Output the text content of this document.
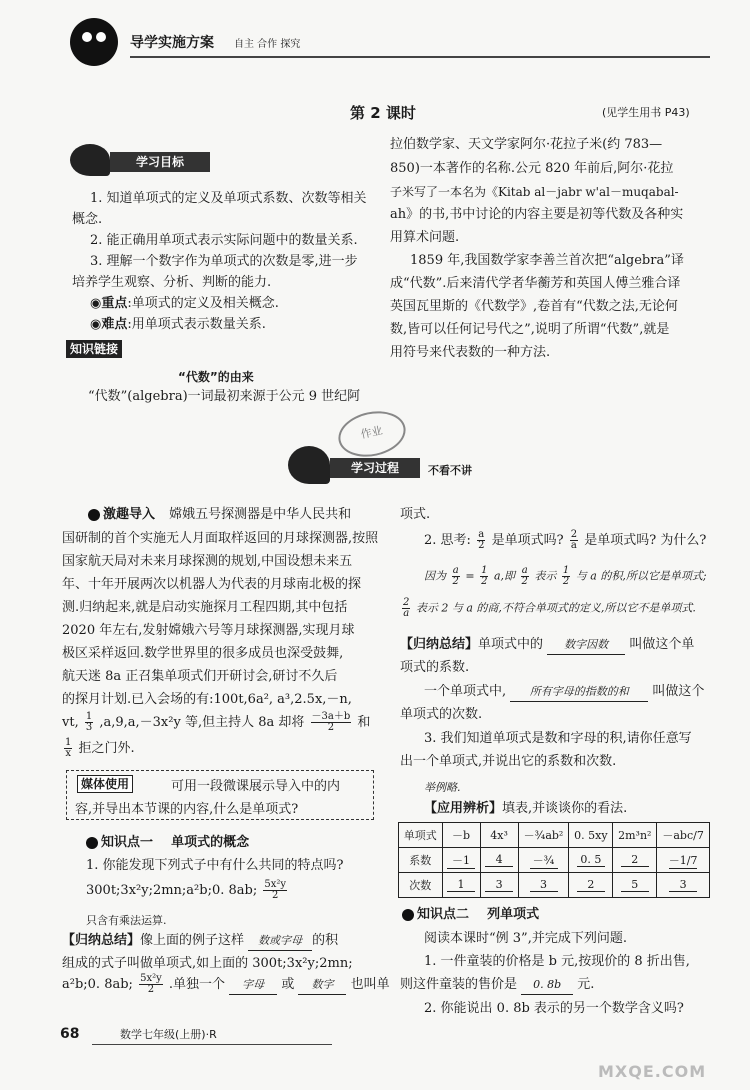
导学实施方案 自主 合作 探究
第 2 课时	(见学生用书 P43)
学习目标
1. 知道单项式的定义及单项式系数、次数等相关
概念.
2. 能正确用单项式表示实际问题中的数量关系.
3. 理解一个数字作为单项式的次数是零,进一步
培养学生观察、分析、判断的能力.
◉重点:单项式的定义及相关概念.
◉难点:用单项式表示数量关系.
知识链接
“代数”的由来
“代数”(algebra)一词最初来源于公元 9 世纪阿
拉伯数学家、天文学家阿尔·花拉子米(约 783—
850)一本著作的名称.公元 820 年前后,阿尔·花拉
子米写了一本名为《Kitab al－jabr w'al－muqabal-
ah》的书,书中讨论的内容主要是初等代数及各种实
用算术问题.
1859 年,我国数学家李善兰首次把“algebra”译
成“代数”.后来清代学者华蘅芳和英国人傅兰雅合译
英国瓦里斯的《代数学》,卷首有“代数之法,无论何
数,皆可以任何记号代之”,说明了所谓“代数”,就是
用符号来代表数的一种方法.
学习过程	不看不讲
作业
激趣导入 嫦娥五号探测器是中华人民共和
国研制的首个实施无人月面取样返回的月球探测器,按照
国家航天局对未来月球探测的规划,中国设想未来五
年、十年开展两次以机器人为代表的月球南北极的探
测.归纳起来,就是启动实施探月工程四期,其中包括
2020 年左右,发射嫦娥六号等月球探测器,实现月球
极区采样返回.数学世界里的很多成员也深受鼓舞,
航天迷 8a 正召集单项式们开研讨会,研讨不久后
的探月计划.已入会场的有:100t,6a², a³,2.5x,－n,
vt, $\frac{1}{3} ,a,9,a,-3x^2y$ 等,但主持人 8a 却将 $\frac{-3a+b}{2}$ 和
$\frac{1}{x}$ 拒之门外.
媒体使用	可用一段微课展示导入中的内
容,并导出本节课的内容,什么是单项式?
知识点一 单项式的概念
1. 你能发现下列式子中有什么共同的特点吗?
300t;3x²y;2mn;a²b;0. 8ab; $\frac{\text{5x²y}}{2}$
只含有乘法运算.
【归纳总结】像上面的例子这样 数或字母 的积
组成的式子叫做单项式,如上面的 300t;3x²y;2mn;
a²b;0. 8ab; $\frac{\text{5x²y}}{2}$ .单独一个 字母 或 数字 也叫单
项式.
2. 思考: $\frac{a}{2}$ 是单项式吗? $\frac{2}{a}$ 是单项式吗? 为什么?
因为 $\frac{a}{2} = \frac{1}{2} a$,即 $\frac{a}{2}$ 表示 $\frac{1}{2}$ 与 a 的积,所以它是单项式;
$\frac{2}{a}$ 表示 2 与 a 的商,不符合单项式的定义,所以它不是单项式.
【归纳总结】单项式中的 数字因数 叫做这个单
项式的系数.
一个单项式中, 所有字母的指数的和 叫做这个
单项式的次数.
3. 我们知道单项式是数和字母的积,请你任意写
出一个单项式,并说出它的系数和次数.
举例略.
【应用辨析】填表,并谈谈你的看法.
单项式	－b	4x³	－¾ab²	0. 5xy	2m³n²	－abc/7
系数	－1	4	－¾	0. 5	2	－1/7
次数	1	3	3	2	5	3
知识点二 列单项式
阅读本课时“例 3”,并完成下列问题.
1. 一件童装的价格是 b 元,按现价的 8 折出售,
则这件童装的售价是 0. 8b 元.
2. 你能说出 0. 8b 表示的另一个数学含义吗?
68	数学七年级(上册)·R
MXQE.COM
